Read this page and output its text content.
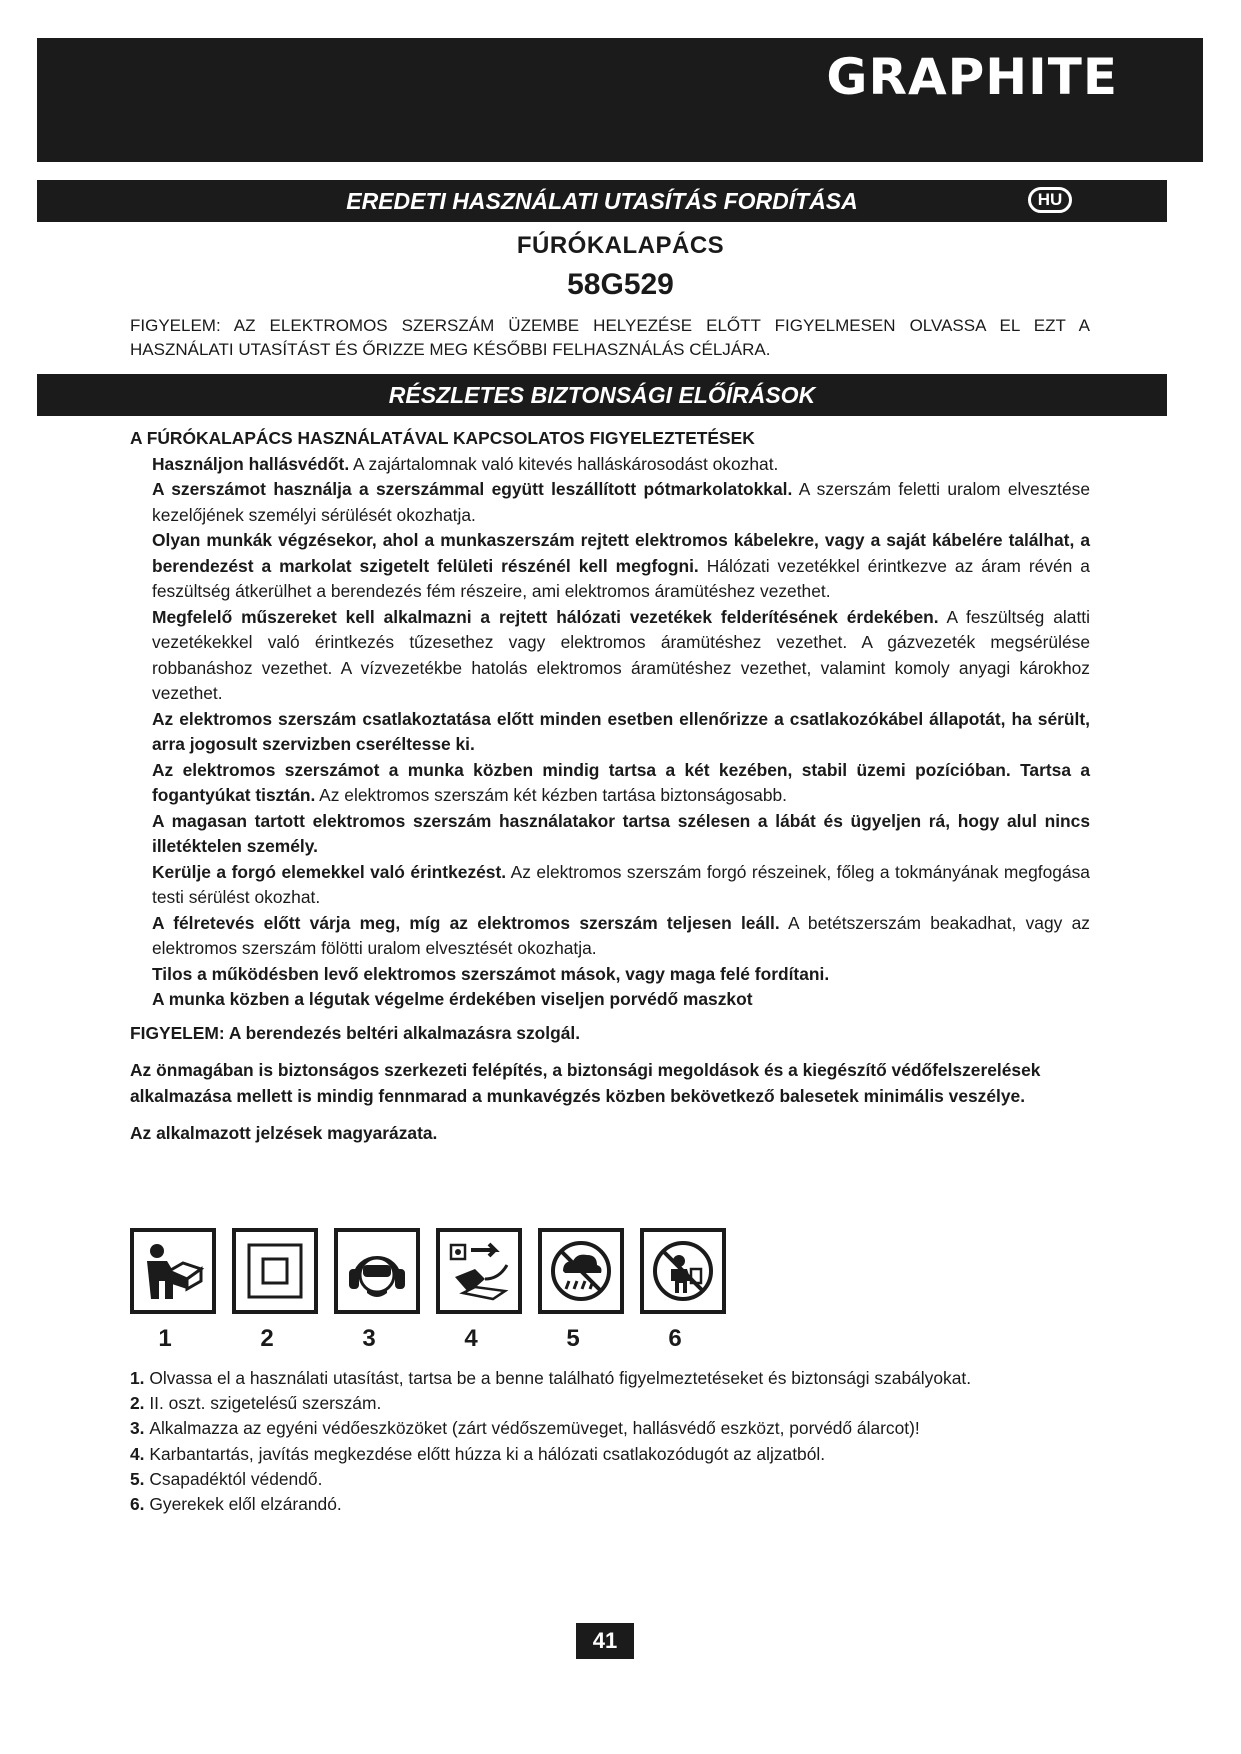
GRAPHITE
EREDETI HASZNÁLATI UTASÍTÁS FORDÍTÁSA	HU
FÚRÓKALAPÁCS
58G529
FIGYELEM: AZ ELEKTROMOS SZERSZÁM ÜZEMBE HELYEZÉSE ELŐTT FIGYELMESEN OLVASSA EL EZT A HASZNÁLATI UTASÍTÁST ÉS ŐRIZZE MEG KÉSŐBBI FELHASZNÁLÁS CÉLJÁRA.
RÉSZLETES BIZTONSÁGI ELŐÍRÁSOK
A FÚRÓKALAPÁCS HASZNÁLATÁVAL KAPCSOLATOS FIGYELEZTETÉSEK
Használjon hallásvédőt. A zajártalomnak való kitevés halláskárosodást okozhat.
A szerszámot használja a szerszámmal együtt leszállított pótmarkolatokkal. A szerszám feletti uralom elvesztése kezelőjének személyi sérülését okozhatja.
Olyan munkák végzésekor, ahol a munkaszerszám rejtett elektromos kábelekre, vagy a saját kábelére találhat, a berendezést a markolat szigetelt felületi részénél kell megfogni. Hálózati vezetékkel érintkezve az áram révén a feszültség átkerülhet a berendezés fém részeire, ami elektromos áramütéshez vezethet.
Megfelelő műszereket kell alkalmazni a rejtett hálózati vezetékek felderítésének érdekében. A feszültség alatti vezetékekkel való érintkezés tűzesethez vagy elektromos áramütéshez vezethet. A gázvezeték megsérülése robbanáshoz vezethet. A vízvezetékbe hatolás elektromos áramütéshez vezethet, valamint komoly anyagi károkhoz vezethet.
Az elektromos szerszám csatlakoztatása előtt minden esetben ellenőrizze a csatlakozókábel állapotát, ha sérült, arra jogosult szervizben cseréltesse ki.
Az elektromos szerszámot a munka közben mindig tartsa a két kezében, stabil üzemi pozícióban. Tartsa a fogantyúkat tisztán. Az elektromos szerszám két kézben tartása biztonságosabb.
A magasan tartott elektromos szerszám használatakor tartsa szélesen a lábát és ügyeljen rá, hogy alul nincs illetéktelen személy.
Kerülje a forgó elemekkel való érintkezést. Az elektromos szerszám forgó részeinek, főleg a tokmányának megfogása testi sérülést okozhat.
A félretevés előtt várja meg, míg az elektromos szerszám teljesen leáll. A betétszerszám beakadhat, vagy az elektromos szerszám fölötti uralom elvesztését okozhatja.
Tilos a működésben levő elektromos szerszámot mások, vagy maga felé fordítani.
A munka közben a légutak végelme érdekében viseljen porvédő maszkot
FIGYELEM: A berendezés beltéri alkalmazásra szolgál.
Az önmagában is biztonságos szerkezeti felépítés, a biztonsági megoldások és a kiegészítő védőfelszerelések alkalmazása mellett is mindig fennmarad a munkavégzés közben bekövetkező balesetek minimális veszélye.
Az alkalmazott jelzések magyarázata.
1	2	3	4	5	6
1. Olvassa el a használati utasítást, tartsa be a benne található figyelmeztetéseket és biztonsági szabályokat.
2. II. oszt. szigetelésű szerszám.
3. Alkalmazza az egyéni védőeszközöket (zárt védőszemüveget, hallásvédő eszközt, porvédő álarcot)!
4. Karbantartás, javítás megkezdése előtt húzza ki a hálózati csatlakozódugót az aljzatból.
5. Csapadéktól védendő.
6. Gyerekek elől elzárandó.
41
